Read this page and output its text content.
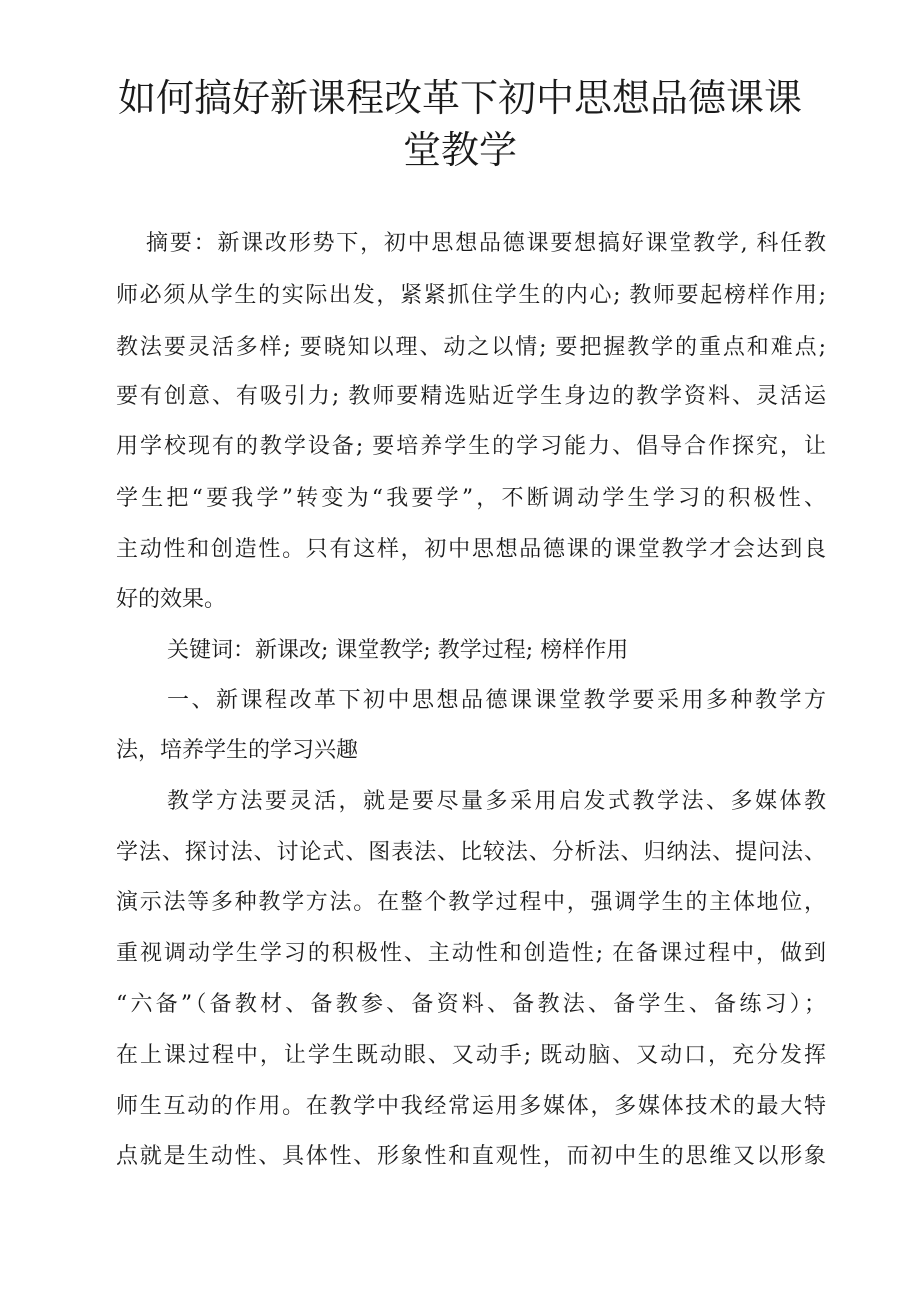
如何搞好新课程改革下初中思想品德课课
堂教学
摘要：新课改形势下，初中思想品德课要想搞好课堂教学, 科任教
师必须从学生的实际出发，紧紧抓住学生的内心; 教师要起榜样作用;
教法要灵活多样; 要晓知以理、动之以情; 要把握教学的重点和难点;
要有创意、有吸引力; 教师要精选贴近学生身边的教学资料、灵活运
用学校现有的教学设备; 要培养学生的学习能力、倡导合作探究，让
学生把“要我学”转变为“我要学”，不断调动学生学习的积极性、
主动性和创造性。只有这样，初中思想品德课的课堂教学才会达到良
好的效果。
关键词：新课改; 课堂教学; 教学过程; 榜样作用
一、新课程改革下初中思想品德课课堂教学要采用多种教学方
法，培养学生的学习兴趣
教学方法要灵活，就是要尽量多采用启发式教学法、多媒体教
学法、探讨法、讨论式、图表法、比较法、分析法、归纳法、提问法、
演示法等多种教学方法。在整个教学过程中，强调学生的主体地位，
重视调动学生学习的积极性、主动性和创造性; 在备课过程中，做到
“六备”（备教材、备教参、备资料、备教法、备学生、备练习）；
在上课过程中，让学生既动眼、又动手; 既动脑、又动口，充分发挥
师生互动的作用。在教学中我经常运用多媒体，多媒体技术的最大特
点就是生动性、具体性、形象性和直观性，而初中生的思维又以形象
